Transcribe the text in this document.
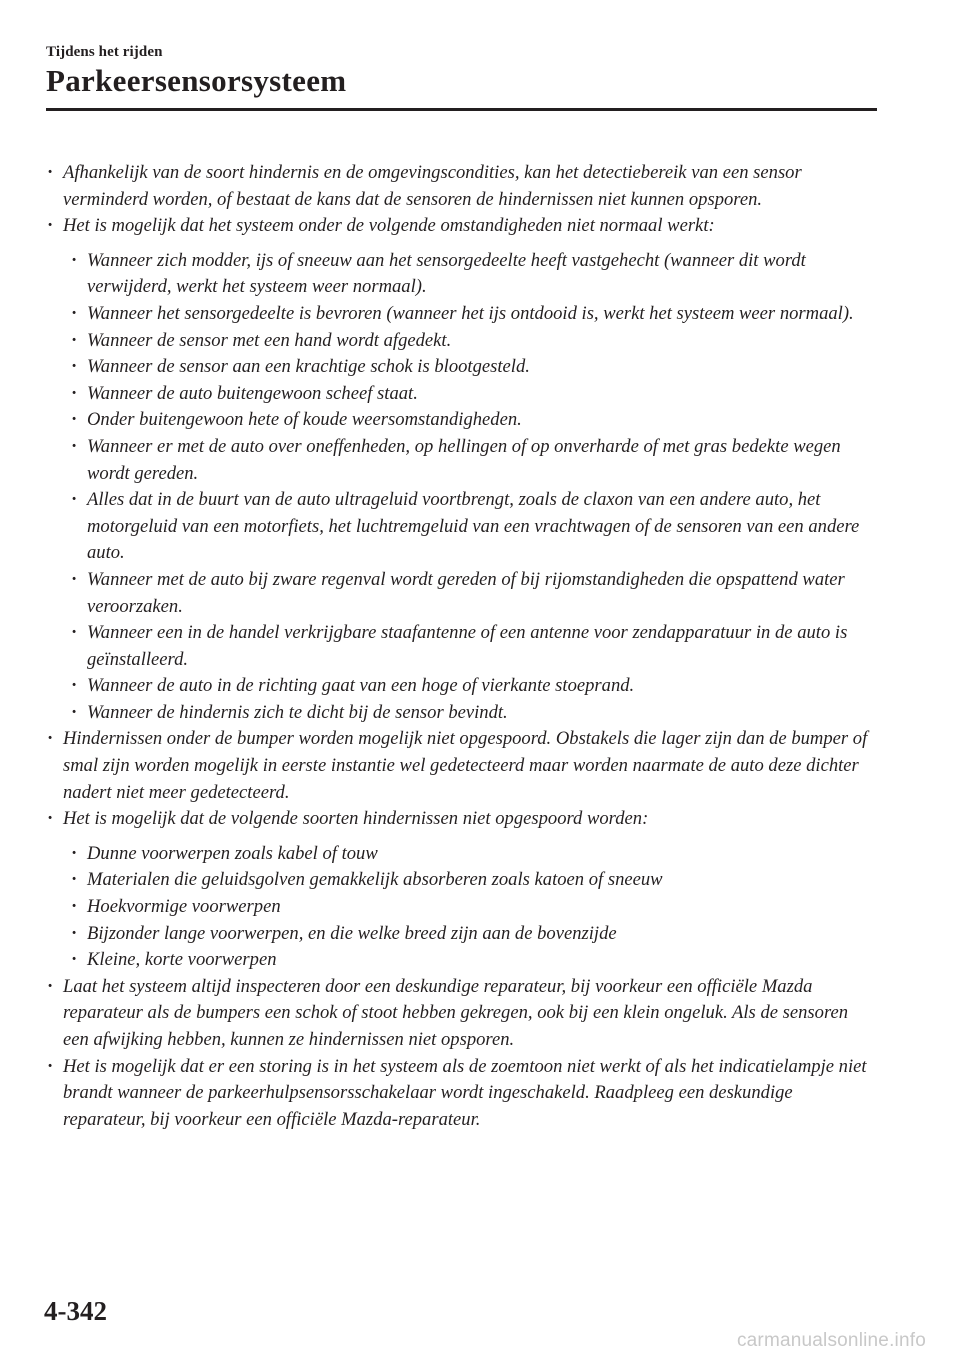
Tijdens het rijden
Parkeersensorsysteem
· Afhankelijk van de soort hindernis en de omgevingscondities, kan het detectiebereik van een sensor verminderd worden, of bestaat de kans dat de sensoren de hindernissen niet kunnen opsporen.
· Het is mogelijk dat het systeem onder de volgende omstandigheden niet normaal werkt:
· Wanneer zich modder, ijs of sneeuw aan het sensorgedeelte heeft vastgehecht (wanneer dit wordt verwijderd, werkt het systeem weer normaal).
· Wanneer het sensorgedeelte is bevroren (wanneer het ijs ontdooid is, werkt het systeem weer normaal).
· Wanneer de sensor met een hand wordt afgedekt.
· Wanneer de sensor aan een krachtige schok is blootgesteld.
· Wanneer de auto buitengewoon scheef staat.
· Onder buitengewoon hete of koude weersomstandigheden.
· Wanneer er met de auto over oneffenheden, op hellingen of op onverharde of met gras bedekte wegen wordt gereden.
· Alles dat in de buurt van de auto ultrageluid voortbrengt, zoals de claxon van een andere auto, het motorgeluid van een motorfiets, het luchtremgeluid van een vrachtwagen of de sensoren van een andere auto.
· Wanneer met de auto bij zware regenval wordt gereden of bij rijomstandigheden die opspattend water veroorzaken.
· Wanneer een in de handel verkrijgbare staafantenne of een antenne voor zendapparatuur in de auto is geïnstalleerd.
· Wanneer de auto in de richting gaat van een hoge of vierkante stoeprand.
· Wanneer de hindernis zich te dicht bij de sensor bevindt.
· Hindernissen onder de bumper worden mogelijk niet opgespoord. Obstakels die lager zijn dan de bumper of smal zijn worden mogelijk in eerste instantie wel gedetecteerd maar worden naarmate de auto deze dichter nadert niet meer gedetecteerd.
· Het is mogelijk dat de volgende soorten hindernissen niet opgespoord worden:
· Dunne voorwerpen zoals kabel of touw
· Materialen die geluidsgolven gemakkelijk absorberen zoals katoen of sneeuw
· Hoekvormige voorwerpen
· Bijzonder lange voorwerpen, en die welke breed zijn aan de bovenzijde
· Kleine, korte voorwerpen
· Laat het systeem altijd inspecteren door een deskundige reparateur, bij voorkeur een officiële Mazda reparateur als de bumpers een schok of stoot hebben gekregen, ook bij een klein ongeluk. Als de sensoren een afwijking hebben, kunnen ze hindernissen niet opsporen.
· Het is mogelijk dat er een storing is in het systeem als de zoemtoon niet werkt of als het indicatielampje niet brandt wanneer de parkeerhulpsensorsschakelaar wordt ingeschakeld. Raadpleeg een deskundige reparateur, bij voorkeur een officiële Mazda-reparateur.
4-342
carmanualsonline.info
